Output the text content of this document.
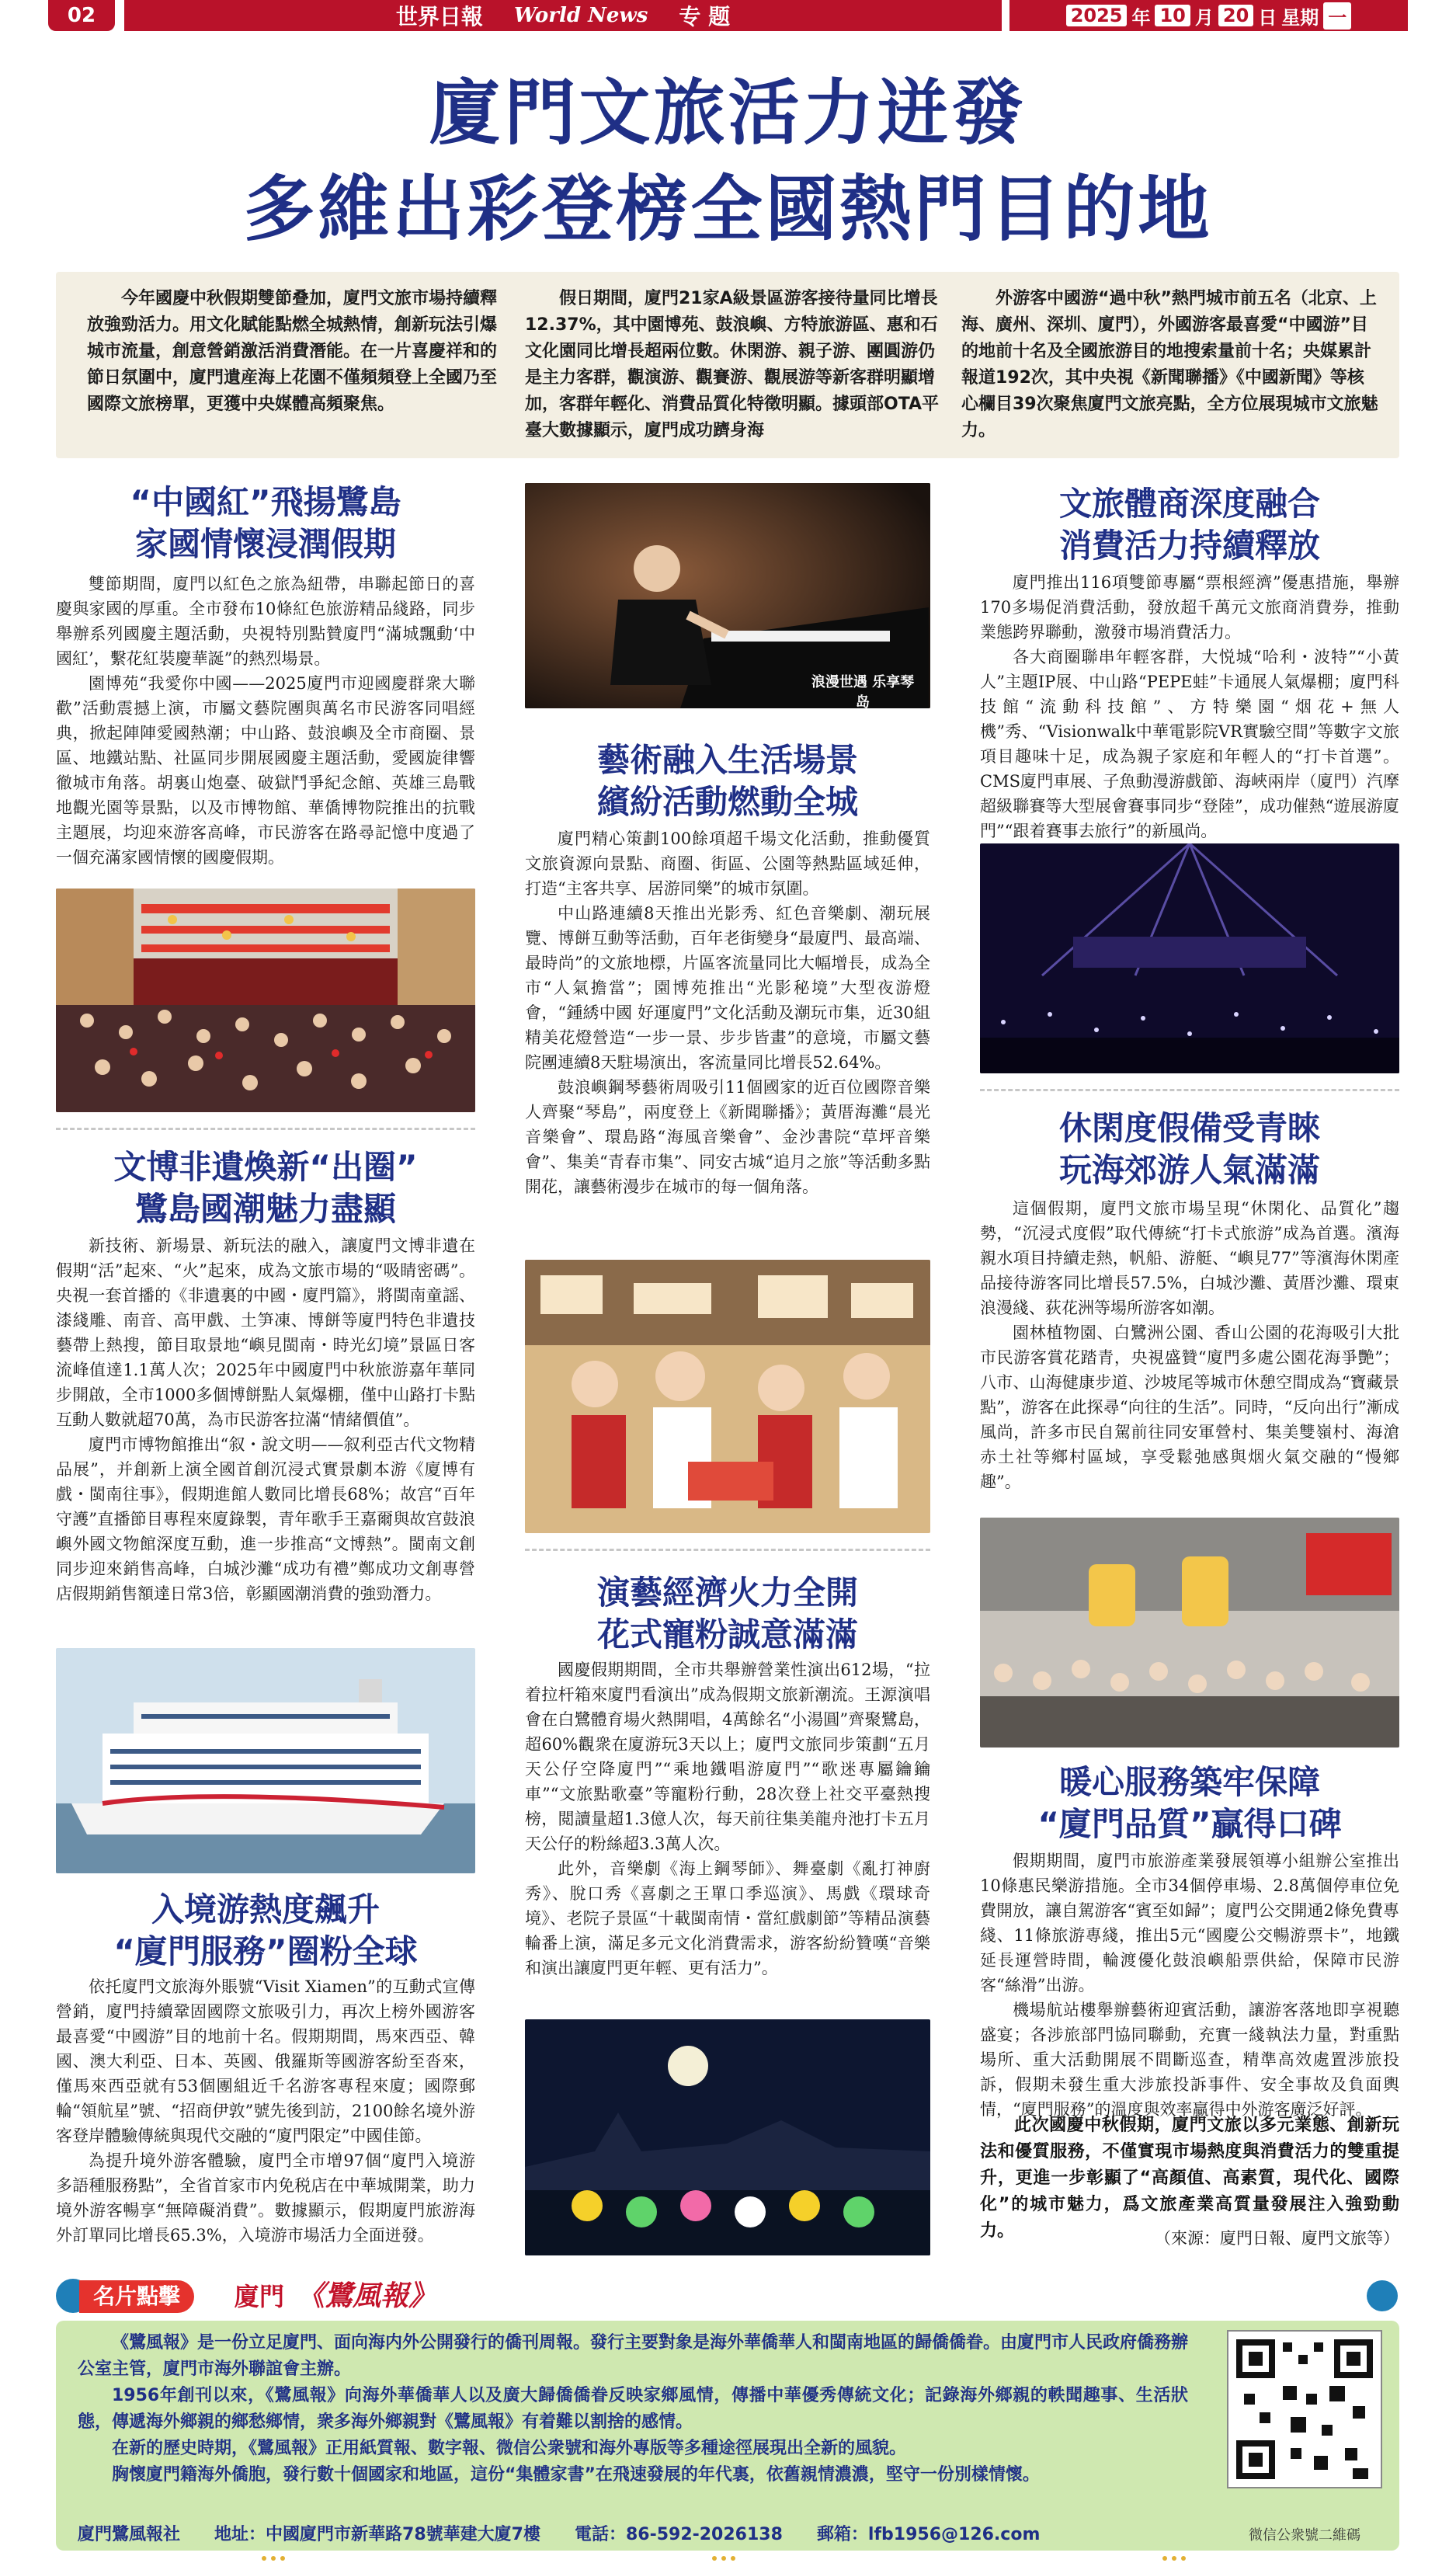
02	世界日報 World News 专 题	2025 年 10 月 20 日 星期 一
廈門文旅活力迸發
多維出彩登榜全國熱門目的地
今年國慶中秋假期雙節叠加，廈門文旅市場持續釋放強勁活力。用文化賦能點燃全城熱情，創新玩法引爆城市流量，創意營銷激活消費潛能。在一片喜慶祥和的節日氛圍中，廈門遺産海上花園不僅頻頻登上全國乃至國際文旅榜單，更獲中央媒體高頻聚焦。
假日期間，廈門21家A級景區游客接待量同比增長12.37%，其中園博苑、鼓浪嶼、方特旅游區、惠和石文化園同比增長超兩位數。休閑游、親子游、團圓游仍是主力客群，觀演游、觀賽游、觀展游等新客群明顯增加，客群年輕化、消費品質化特徵明顯。據頭部OTA平臺大數據顯示，廈門成功躋身海
外游客中國游“過中秋”熱門城市前五名（北京、上海、廣州、深圳、廈門），外國游客最喜愛“中國游”目的地前十名及全國旅游目的地搜索量前十名；央媒累計報道192次，其中央視《新聞聯播》《中國新聞》等核心欄目39次聚焦廈門文旅亮點，全方位展現城市文旅魅力。
“中國紅”飛揚鷺島
家國情懷浸潤假期

雙節期間，廈門以紅色之旅為紐帶，串聯起節日的喜慶與家國的厚重。全市發布10條紅色旅游精品綫路，同步舉辦系列國慶主題活動，央視特別點贊廈門“滿城飄動‘中國紅’，繫花紅裝慶華誕”的熱烈場景。

園博苑“我愛你中國——2025廈門市迎國慶群衆大聯歡”活動震撼上演，市屬文藝院團與萬名市民游客同唱經典，掀起陣陣愛國熱潮；中山路、鼓浪嶼及全市商圈、景區、地鐵站點、社區同步開展國慶主題活動，愛國旋律響徹城市角落。胡裏山炮臺、破獄鬥爭紀念館、英雄三島戰地觀光園等景點，以及市博物館、華僑博物院推出的抗戰主題展，均迎來游客高峰，市民游客在路尋記憶中度過了一個充滿家國情懷的國慶假期。

文博非遺煥新“出圈”
鷺島國潮魅力盡顯

新技術、新場景、新玩法的融入，讓廈門文博非遺在假期“活”起來、“火”起來，成為文旅市場的“吸睛密碼”。央視一套首播的《非遺裏的中國・廈門篇》，將閩南童謡、漆綫雕、南音、高甲戲、土笋凍、博餅等廈門特色非遺技藝帶上熱搜，節目取景地“嶼見閩南・時光幻境”景區日客流峰值達1.1萬人次；2025年中國廈門中秋旅游嘉年華同步開啟，全市1000多個博餅點人氣爆棚，僅中山路打卡點互動人數就超70萬，為市民游客拉滿“情緒價值”。

廈門市博物館推出“叙・說文明——叙利亞古代文物精品展”，并創新上演全國首創沉浸式實景劇本游《廈博有戲・閩南往事》，假期進館人數同比增長68%；故宫“百年守護”直播節目專程來廈錄製，青年歌手王嘉爾與故宫鼓浪嶼外國文物館深度互動，進一步推高“文博熱”。閩南文創同步迎來銷售高峰，白城沙灘“成功有禮”鄭成功文創專營店假期銷售額達日常3倍，彰顯國潮消費的強勁潛力。

入境游熱度飆升
“廈門服務”圈粉全球

依托廈門文旅海外賬號“Visit Xiamen”的互動式宣傳營銷，廈門持續鞏固國際文旅吸引力，再次上榜外國游客最喜愛“中國游”目的地前十名。假期期間，馬來西亞、韓國、澳大利亞、日本、英國、俄羅斯等國游客紛至沓來，僅馬來西亞就有53個團組近千名游客專程來廈；國際郵輪“領航星”號、“招商伊敦”號先後到訪，2100餘名境外游客登岸體驗傳統與現代交融的“廈門限定”中國佳節。

為提升境外游客體驗，廈門全市增97個“廈門入境游多語種服務點”，全省首家市内免税店在中華城開業，助力境外游客暢享“無障礙消費”。數據顯示，假期廈門旅游海外訂單同比增長65.3%，入境游市場活力全面迸發。

浪漫世遇 乐享琴岛
藝術融入生活場景
繽紛活動燃動全城

廈門精心策劃100餘項超千場文化活動，推動優質文旅資源向景點、商圈、街區、公園等熱點區域延伸，打造“主客共享、居游同樂”的城市氛圍。

中山路連續8天推出光影秀、紅色音樂劇、潮玩展覽、博餅互動等活動，百年老街變身“最廈門、最高端、最時尚”的文旅地標，片區客流量同比大幅增長，成為全市“人氣擔當”；園博苑推出“光影秘境”大型夜游燈會，“鍾綉中國 好運廈門”文化活動及潮玩市集，近30組精美花燈營造“一步一景、步步皆畫”的意境，市屬文藝院團連續8天駐場演出，客流量同比增長52.64%。

鼓浪嶼鋼琴藝術周吸引11個國家的近百位國際音樂人齊聚“琴島”，兩度登上《新聞聯播》；黃厝海灘“晨光音樂會”、環島路“海風音樂會”、金沙書院“草坪音樂會”、集美“青春市集”、同安古城“追月之旅”等活動多點開花，讓藝術漫步在城市的每一個角落。

演藝經濟火力全開
花式寵粉誠意滿滿

國慶假期期間，全市共舉辦營業性演出612場，“拉着拉杆箱來廈門看演出”成為假期文旅新潮流。王源演唱會在白鷺體育場火熱開唱，4萬餘名“小湯圓”齊聚鷺島，超60%觀衆在廈游玩3天以上；廈門文旅同步策劃“五月天公仔空降廈門”“乘地鐵唱游廈門”“歌迷專屬鑰鑰車”“文旅點歌臺”等寵粉行動，28次登上社交平臺熱搜榜，閲讀量超1.3億人次，每天前往集美龍舟池打卡五月天公仔的粉絲超3.3萬人次。

此外，音樂劇《海上鋼琴師》、舞臺劇《亂打神廚秀》、脫口秀《喜劇之王單口季巡演》、馬戲《環球奇境》、老院子景區“十載閩南情・當紅戲劇節”等精品演藝輪番上演，滿足多元文化消費需求，游客紛紛贊嘆“音樂和演出讓廈門更年輕、更有活力”。

文旅體商深度融合
消費活力持續釋放

廈門推出116項雙節專屬“票根經濟”優惠措施，舉辦170多場促消費活動，發放超千萬元文旅商消費券，推動業態跨界聯動，激發市場消費活力。

各大商圈聯串年輕客群，大悦城“哈利・波特”“小黃人”主題IP展、中山路“PEPE蛙”卡通展人氣爆棚；廈門科技館“流動科技館”、方特樂園“烟花+無人機”秀、“Visionwalk中華電影院VR實驗空間”等數字文旅項目趣味十足，成為親子家庭和年輕人的“打卡首選”。CMS廈門車展、子魚動漫游戲節、海峽兩岸（廈門）汽摩超級聯賽等大型展會賽事同步“登陸”，成功催熱“遊展游廈門”“跟着賽事去旅行”的新風尚。

休閑度假備受青睞
玩海郊游人氣滿滿

這個假期，廈門文旅市場呈現“休閑化、品質化”趨勢，“沉浸式度假”取代傳統“打卡式旅游”成為首選。濱海親水項目持續走熱，帆船、游艇、“嶼見77”等濱海休閑產品接待游客同比增長57.5%，白城沙灘、黃厝沙灘、環東浪漫綫、荻花洲等場所游客如潮。

園林植物園、白鷺洲公園、香山公園的花海吸引大批市民游客賞花踏青，央視盛贊“廈門多處公園花海爭艷”；八市、山海健康步道、沙坡尾等城市休憩空間成為“寶藏景點”，游客在此探尋“向往的生活”。同時，“反向出行”漸成風尚，許多市民自駕前往同安軍營村、集美雙嶺村、海滄赤土社等鄉村區域，享受鬆弛感與烟火氣交融的“慢鄉趣”。

暖心服務築牢保障
“廈門品質”贏得口碑

假期期間，廈門市旅游產業發展領導小組辦公室推出10條惠民樂游措施。全市34個停車場、2.8萬個停車位免費開放，讓自駕游客“賓至如歸”；廈門公交開通2條免費專綫、11條旅游專綫，推出5元“國慶公交暢游票卡”，地鐵延長運營時間，輪渡優化鼓浪嶼船票供給，保障市民游客“絲滑”出游。

機場航站樓舉辦藝術迎賓活動，讓游客落地即享視聽盛宴；各涉旅部門協同聯動，充實一綫執法力量，對重點場所、重大活動開展不間斷巡查，精準高效處置涉旅投訴，假期未發生重大涉旅投訴事件、安全事故及負面輿情，“廈門服務”的溫度與效率贏得中外游客廣泛好評。

此次國慶中秋假期，廈門文旅以多元業態、創新玩法和優質服務，不僅實現市場熱度與消費活力的雙重提升，更進一步彰顯了“高顏值、高素質，現代化、國際化”的城市魅力，爲文旅產業高質量發展注入強勁動力。	（來源：廈門日報、廈門文旅等）
名片點擊	廈門 《鷺風報》

《鷺風報》是一份立足廈門、面向海内外公開發行的僑刊周報。發行主要對象是海外華僑華人和閩南地區的歸僑僑眷。由廈門市人民政府僑務辦公室主管，廈門市海外聯誼會主辦。

1956年創刊以來，《鷺風報》向海外華僑華人以及廣大歸僑僑眷反映家鄉風情，傳播中華優秀傳統文化；記錄海外鄉親的軼聞趣事、生活狀態，傳遞海外鄉親的鄉愁鄉情，衆多海外鄉親對《鷺風報》有着難以割捨的感情。

在新的歷史時期，《鷺風報》正用紙質報、數字報、微信公衆號和海外專版等多種途徑展現出全新的風貌。

胸懷廈門籍海外僑胞，發行數十個國家和地區，這份“集體家書”在飛速發展的年代裏，依舊親情濃濃，堅守一份別樣情懷。

廈門鷺風報社 地址：中國廈門市新華路78號華建大廈7樓 電話：86-592-2026138 郵箱：lfb1956@126.com	微信公衆號二維碼
